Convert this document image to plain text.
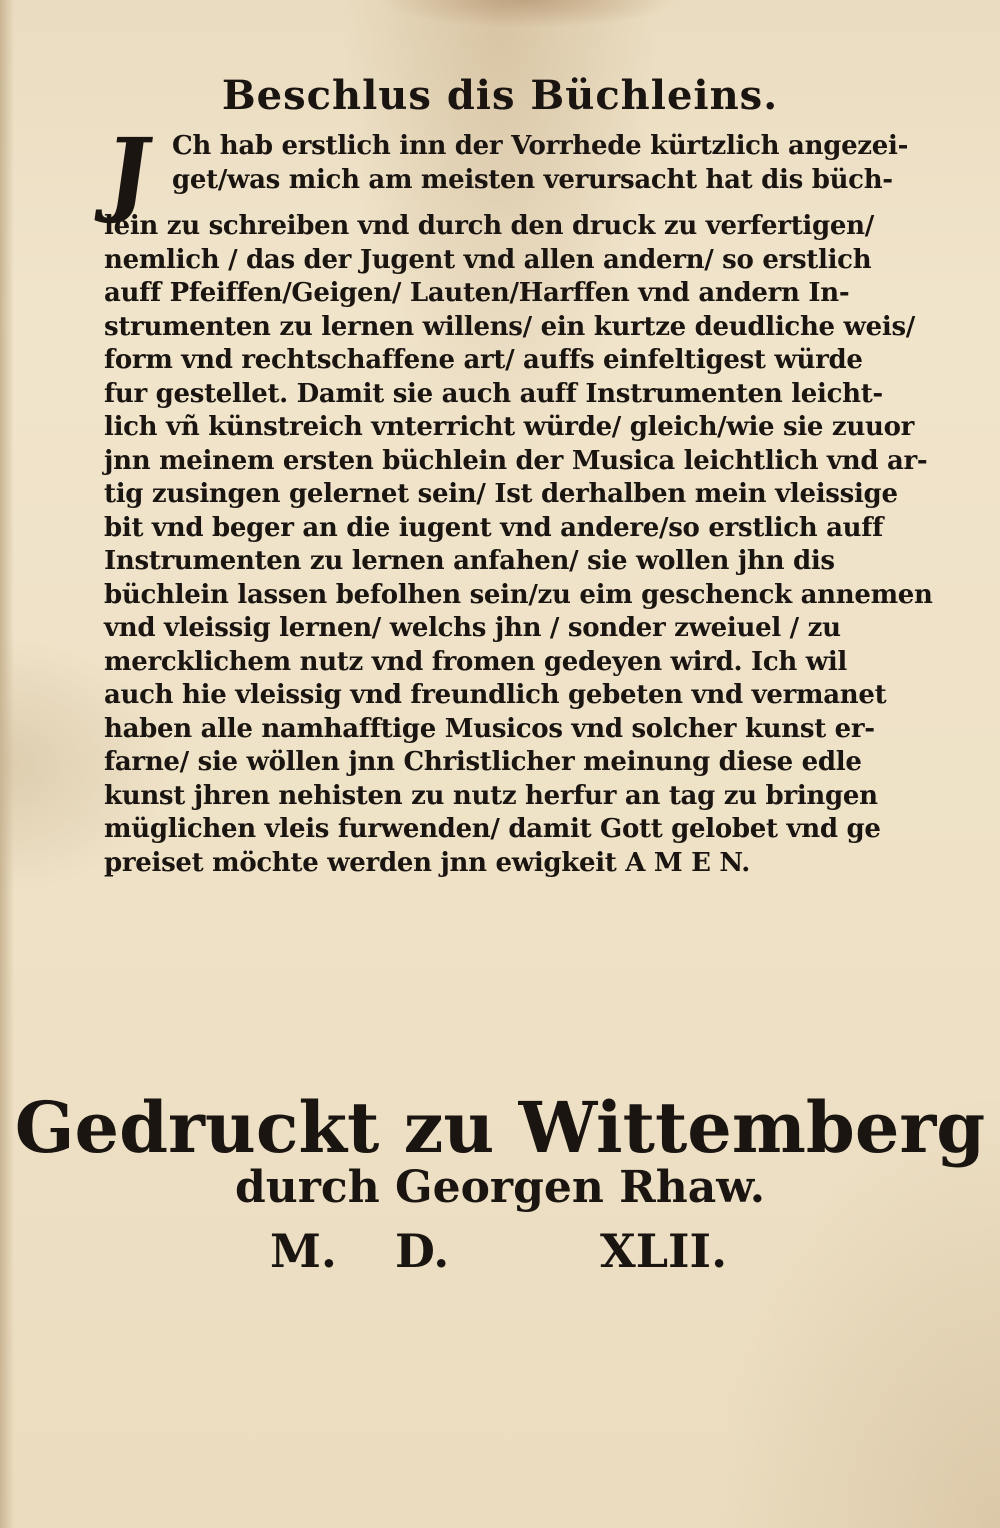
Beschlus dis Büchleins.
J Ch hab erstlich inn der Vorrhede kürtzlich angezei-
get/was mich am meisten verursacht hat dis büch-
lein zu schreiben vnd durch den druck zu verfertigen/
nemlich / das der Jugent vnd allen andern/ so erstlich
auff Pfeiffen/Geigen/ Lauten/Harffen vnd andern In-
strumenten zu lernen willens/ ein kurtze deudliche weis/
form vnd rechtschaffene art/ auffs einfeltigest würde
fur gestellet. Damit sie auch auff Instrumenten leicht-
lich vñ künstreich vnterricht würde/ gleich/wie sie zuuor
jnn meinem ersten büchlein der Musica leichtlich vnd ar-
tig zusingen gelernet sein/ Ist derhalben mein vleissige
bit vnd beger an die iugent vnd andere/so erstlich auff
Instrumenten zu lernen anfahen/ sie wollen jhn dis
büchlein lassen befolhen sein/zu eim geschenck annemen
vnd vleissig lernen/ welchs jhn / sonder zweiuel / zu
mercklichem nutz vnd fromen gedeyen wird. Ich wil
auch hie vleissig vnd freundlich gebeten vnd vermanet
haben alle namhafftige Musicos vnd solcher kunst er-
farne/ sie wöllen jnn Christlicher meinung diese edle
kunst jhren nehisten zu nutz herfur an tag zu bringen
müglichen vleis furwenden/ damit Gott gelobet vnd ge
preiset möchte werden jnn ewigkeit A M E N.
Gedruckt zu Wittemberg
durch Georgen Rhaw.
M. D.	XLII.
